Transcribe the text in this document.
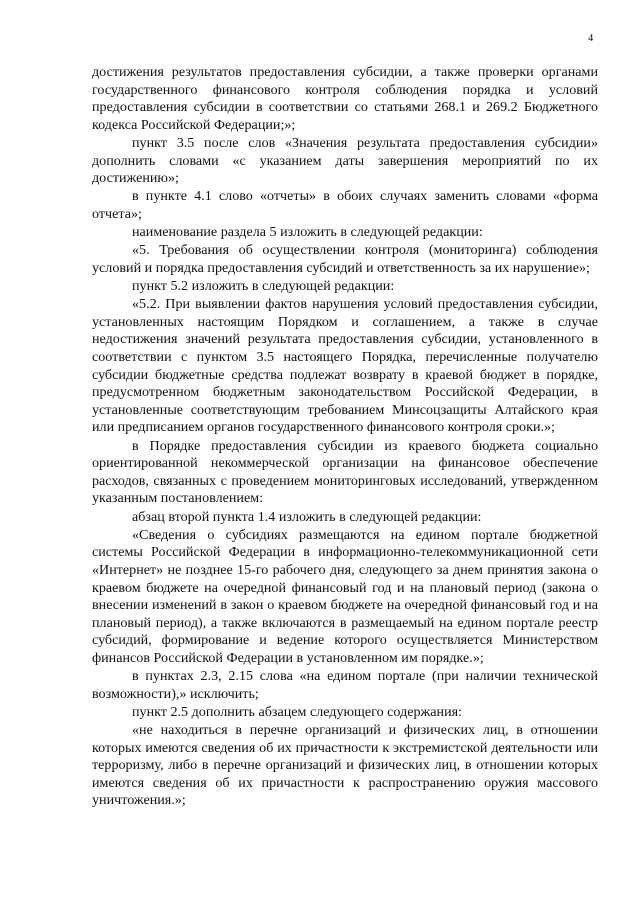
4

достижения результатов предоставления субсидии, а также проверки органами государственного финансового контроля соблюдения порядка и условий предоставления субсидии в соответствии со статьями 268.1 и 269.2 Бюджетного кодекса Российской Федерации;»;

пункт 3.5 после слов «Значения результата предоставления субсидии» дополнить словами «с указанием даты завершения мероприятий по их достижению»;

в пункте 4.1 слово «отчеты» в обоих случаях заменить словами «форма отчета»;

наименование раздела 5 изложить в следующей редакции:

«5. Требования об осуществлении контроля (мониторинга) соблюдения условий и порядка предоставления субсидий и ответственность за их нарушение»;

пункт 5.2 изложить в следующей редакции:

«5.2. При выявлении фактов нарушения условий предоставления субсидии, установленных настоящим Порядком и соглашением, а также в случае недостижения значений результата предоставления субсидии, установленного в соответствии с пунктом 3.5 настоящего Порядка, перечисленные получателю субсидии бюджетные средства подлежат возврату в краевой бюджет в порядке, предусмотренном бюджетным законодательством Российской Федерации, в установленные соответствующим требованием Минсоцзащиты Алтайского края или предписанием органов государственного финансового контроля сроки.»;

в Порядке предоставления субсидии из краевого бюджета социально ориентированной некоммерческой организации на финансовое обеспечение расходов, связанных с проведением мониторинговых исследований, утвержденном указанным постановлением:

абзац второй пункта 1.4 изложить в следующей редакции:

«Сведения о субсидиях размещаются на едином портале бюджетной системы Российской Федерации в информационно-телекоммуникационной сети «Интернет» не позднее 15-го рабочего дня, следующего за днем принятия закона о краевом бюджете на очередной финансовый год и на плановый период (закона о внесении изменений в закон о краевом бюджете на очередной финансовый год и на плановый период), а также включаются в размещаемый на едином портале реестр субсидий, формирование и ведение которого осуществляется Министерством финансов Российской Федерации в установленном им порядке.»;

в пунктах 2.3, 2.15 слова «на едином портале (при наличии технической возможности),» исключить;

пункт 2.5 дополнить абзацем следующего содержания:

«не находиться в перечне организаций и физических лиц, в отношении которых имеются сведения об их причастности к экстремистской деятельности или терроризму, либо в перечне организаций и физических лиц, в отношении которых имеются сведения об их причастности к распространению оружия массового уничтожения.»;
